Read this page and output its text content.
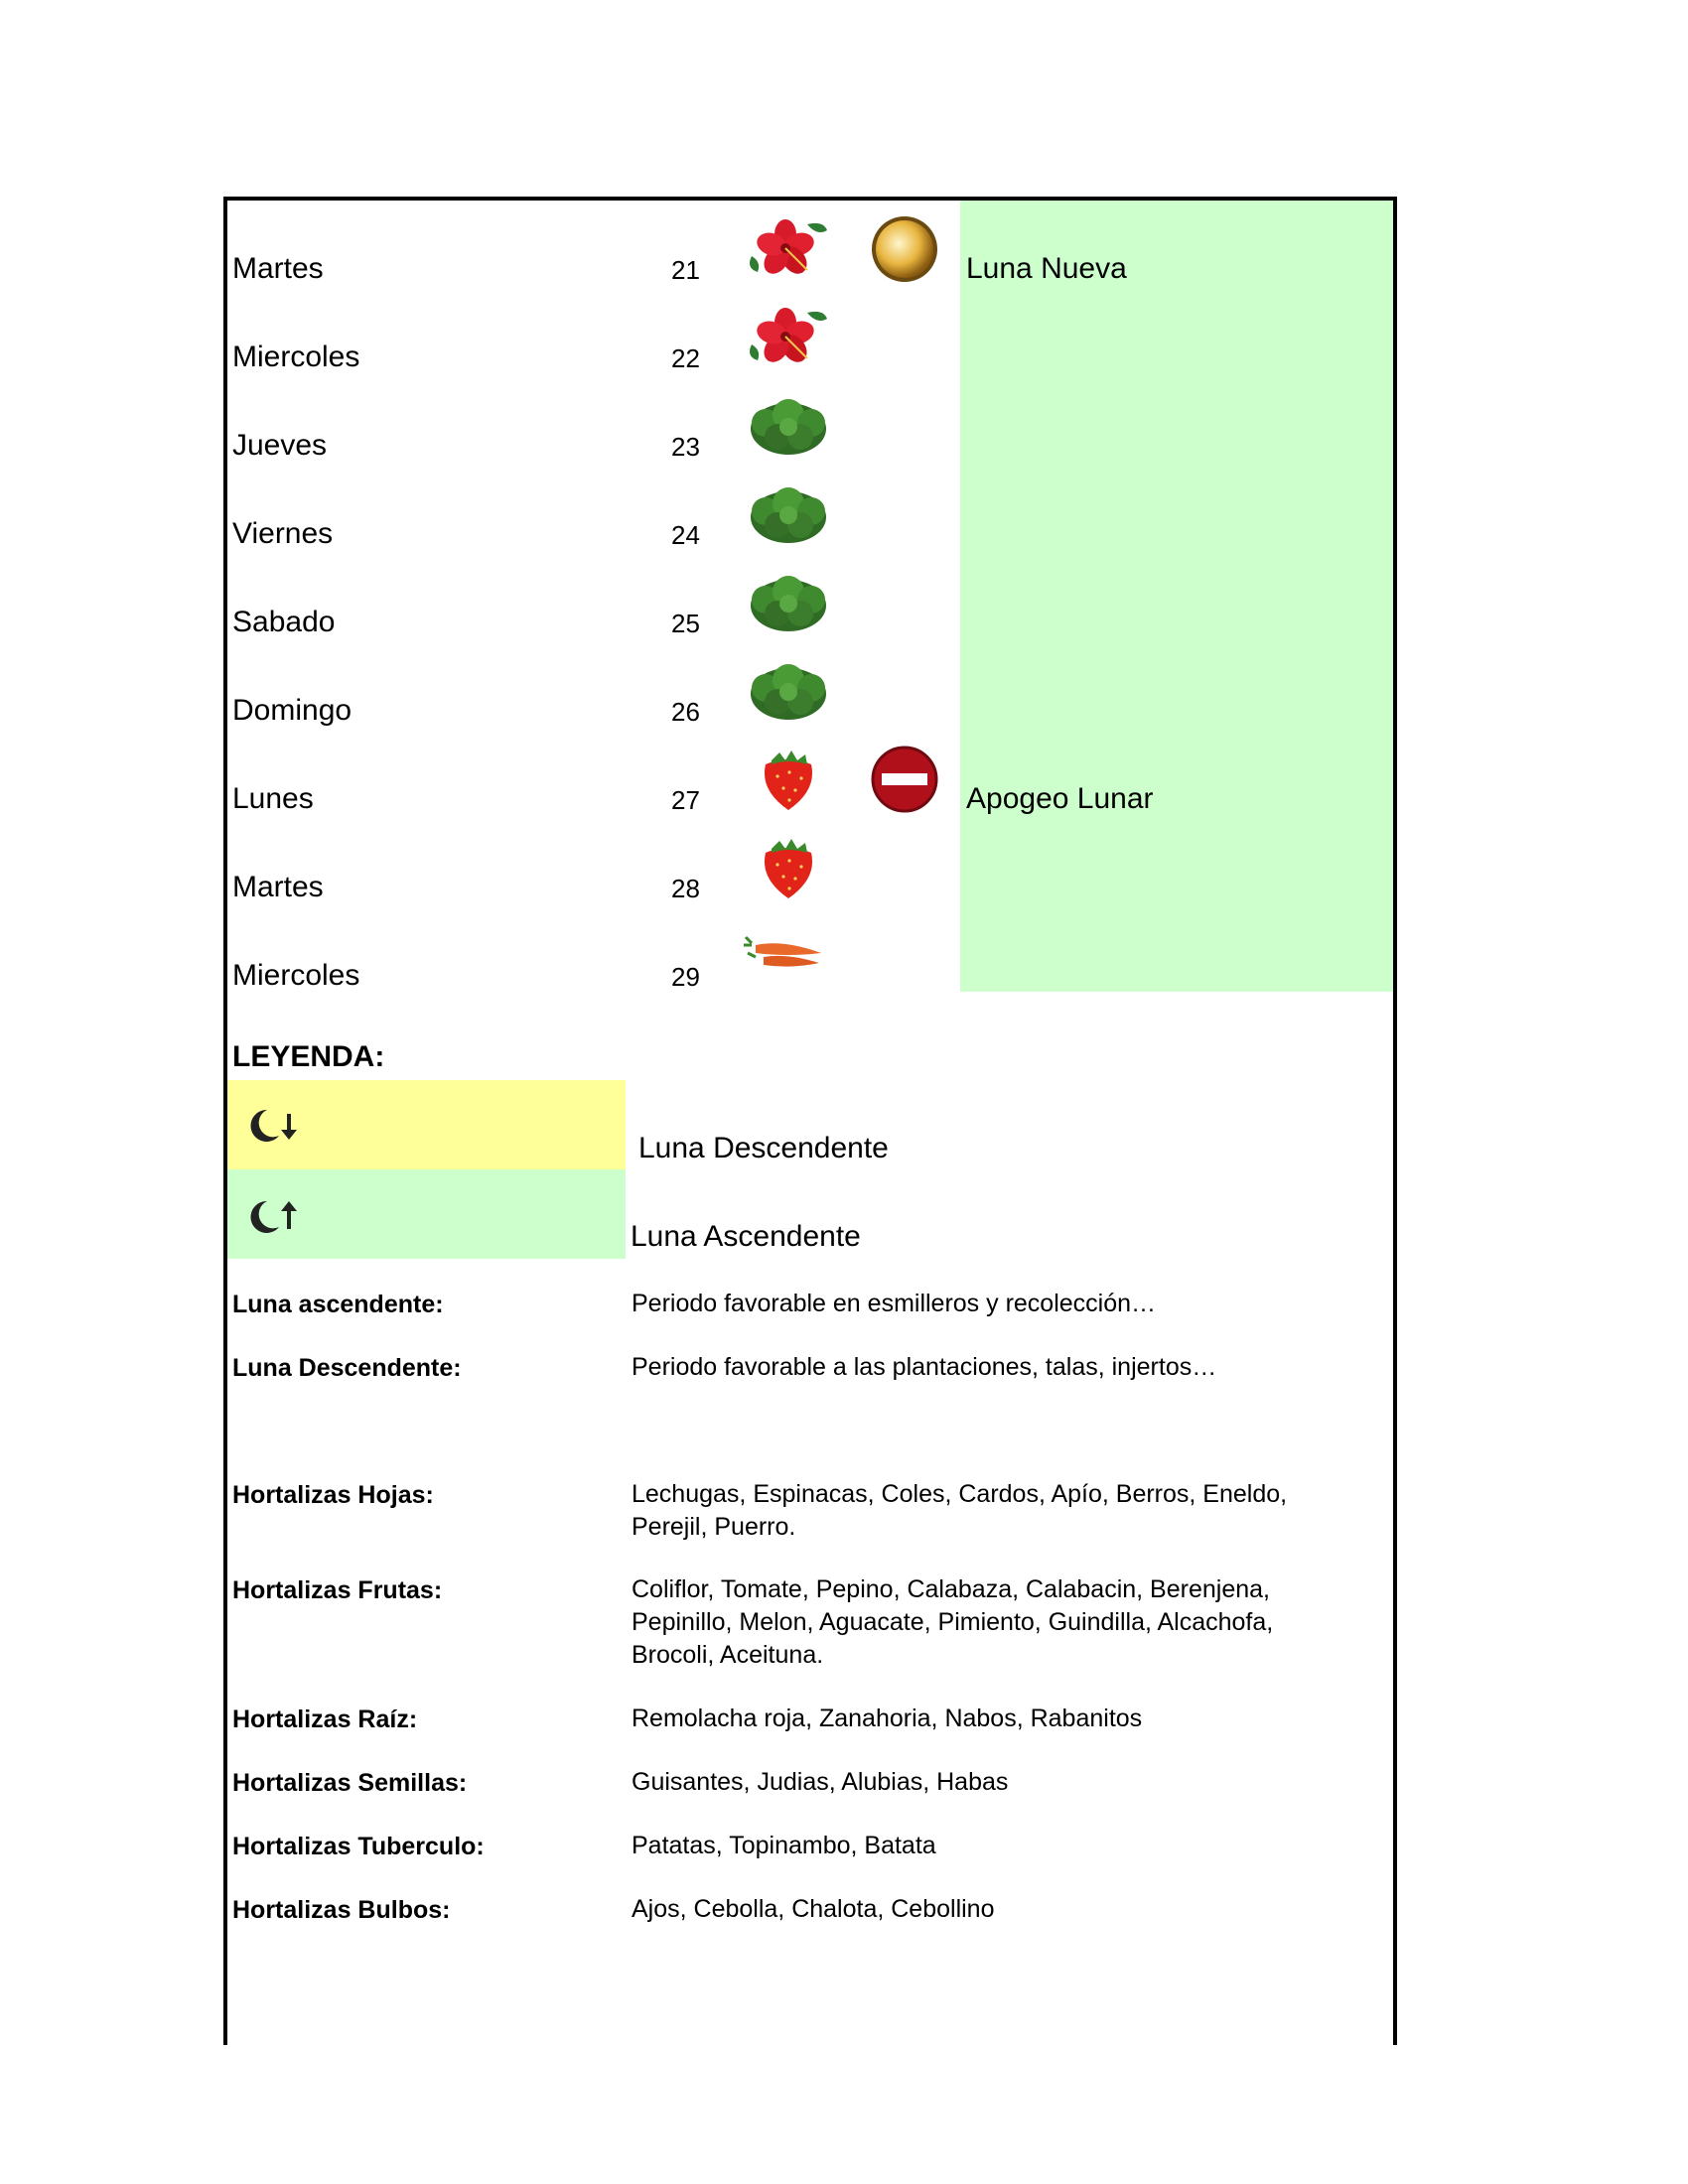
Martes	21	Luna Nueva
Miercoles	22
Jueves	23
Viernes	24
Sabado	25
Domingo	26
Lunes	27	Apogeo Lunar
Martes	28
Miercoles	29
LEYENDA:
Luna Descendente
Luna Ascendente
Luna ascendente:	Periodo favorable en esmilleros y recolección…
Luna Descendente:	Periodo favorable a las plantaciones, talas, injertos…
Hortalizas Hojas:	Lechugas, Espinacas, Coles, Cardos, Apío, Berros, Eneldo, Perejil, Puerro.
Hortalizas Frutas:	Coliflor, Tomate, Pepino, Calabaza, Calabacin, Berenjena, Pepinillo, Melon, Aguacate, Pimiento, Guindilla, Alcachofa, Brocoli, Aceituna.
Hortalizas Raíz:	Remolacha roja, Zanahoria, Nabos, Rabanitos
Hortalizas Semillas:	Guisantes, Judias, Alubias, Habas
Hortalizas Tuberculo:	Patatas, Topinambo, Batata
Hortalizas Bulbos:	Ajos, Cebolla, Chalota, Cebollino
